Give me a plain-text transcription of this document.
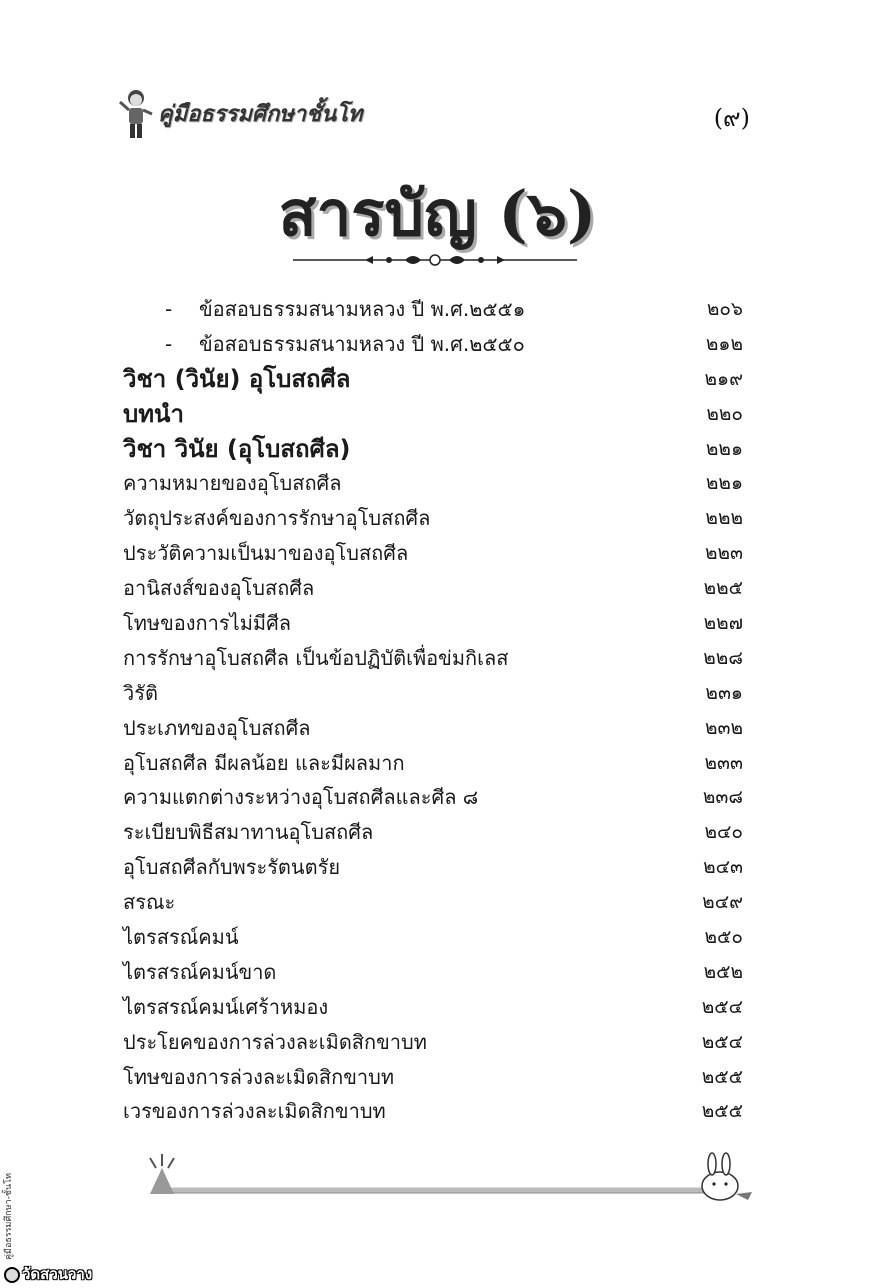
คู่มือธรรมศึกษาชั้นโท	(๙)
สารบัญ (๖)
- ข้อสอบธรรมสนามหลวง ปี พ.ศ.๒๕๕๑	๒๐๖
- ข้อสอบธรรมสนามหลวง ปี พ.ศ.๒๕๕๐	๒๑๒
วิชา (วินัย) อุโบสถศีล	๒๑๙
บทนำ	๒๒๐
วิชา วินัย (อุโบสถศีล)	๒๒๑
ความหมายของอุโบสถศีล	๒๒๑
วัตถุประสงค์ของการรักษาอุโบสถศีล	๒๒๒
ประวัติความเป็นมาของอุโบสถศีล	๒๒๓
อานิสงส์ของอุโบสถศีล	๒๒๕
โทษของการไม่มีศีล	๒๒๗
การรักษาอุโบสถศีล เป็นข้อปฏิบัติเพื่อข่มกิเลส	๒๒๘
วิรัติ	๒๓๑
ประเภทของอุโบสถศีล	๒๓๒
อุโบสถศีล มีผลน้อย และมีผลมาก	๒๓๓
ความแตกต่างระหว่างอุโบสถศีลและศีล ๘	๒๓๘
ระเบียบพิธีสมาทานอุโบสถศีล	๒๔๐
อุโบสถศีลกับพระรัตนตรัย	๒๔๓
สรณะ	๒๔๙
ไตรสรณ์คมน์	๒๕๐
ไตรสรณ์คมน์ขาด	๒๕๒
ไตรสรณ์คมน์เศร้าหมอง	๒๕๔
ประโยคของการล่วงละเมิดสิกขาบท	๒๕๔
โทษของการล่วงละเมิดสิกขาบท	๒๕๕
เวรของการล่วงละเมิดสิกขาบท	๒๕๕
คู่มือธรรมศึกษา-ชั้นโท
วัดสวนวาง
